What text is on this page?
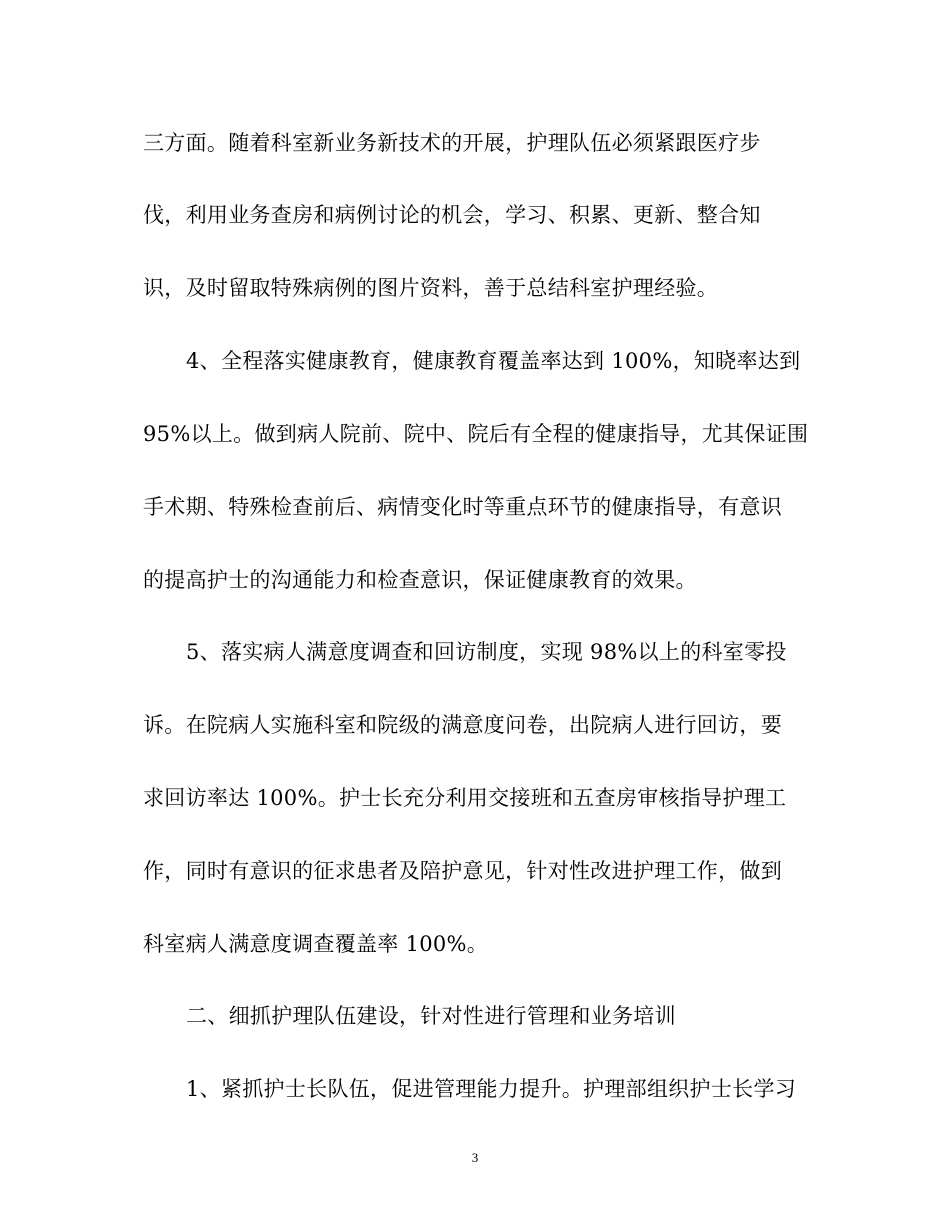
三方面。随着科室新业务新技术的开展，护理队伍必须紧跟医疗步
伐，利用业务查房和病例讨论的机会，学习、积累、更新、整合知
识，及时留取特殊病例的图片资料，善于总结科室护理经验。
4、全程落实健康教育，健康教育覆盖率达到 100%，知晓率达到
95%以上。做到病人院前、院中、院后有全程的健康指导，尤其保证围
手术期、特殊检查前后、病情变化时等重点环节的健康指导，有意识
的提高护士的沟通能力和检查意识，保证健康教育的效果。
5、落实病人满意度调查和回访制度，实现 98%以上的科室零投
诉。在院病人实施科室和院级的满意度问卷，出院病人进行回访，要
求回访率达 100%。护士长充分利用交接班和五查房审核指导护理工
作，同时有意识的征求患者及陪护意见，针对性改进护理工作，做到
科室病人满意度调查覆盖率 100%。
二、细抓护理队伍建设，针对性进行管理和业务培训
1、紧抓护士长队伍，促进管理能力提升。护理部组织护士长学习
3
